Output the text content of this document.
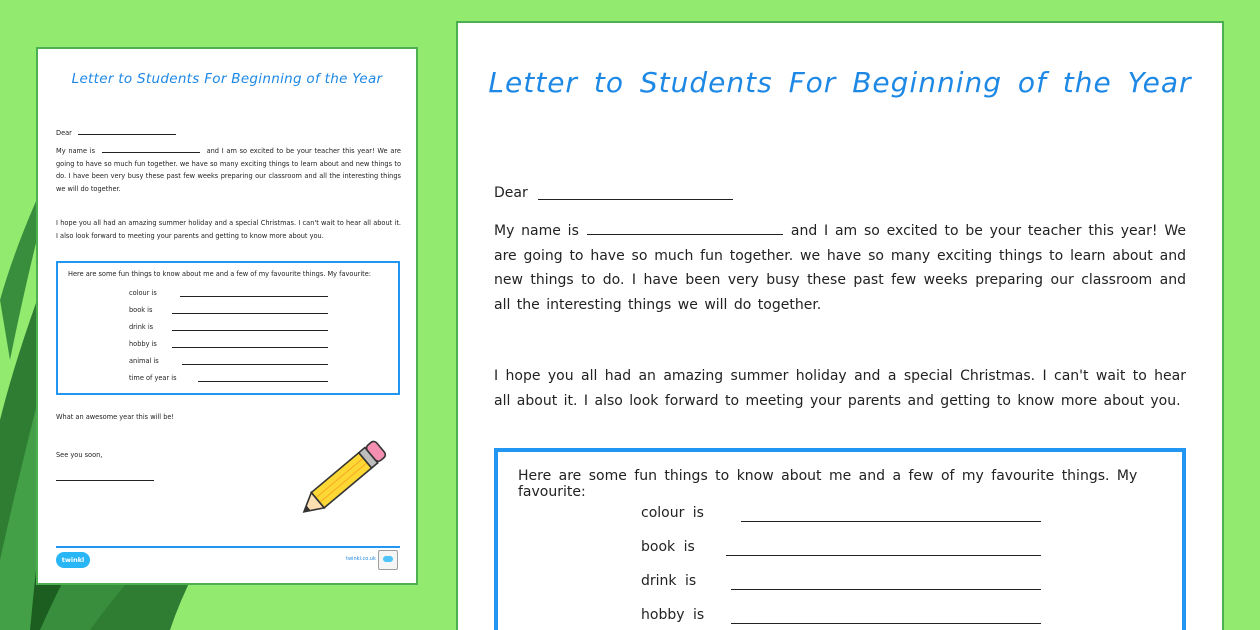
Letter to Students For Beginning of the Year
Dear
My name is	and I am so excited to be your teacher this year! We are going to have so much fun together. we have so many exciting things to learn about and new things to do. I have been very busy these past few weeks preparing our classroom and all the interesting things we will do together.
I hope you all had an amazing summer holiday and a special Christmas. I can't wait to hear all about it. I also look forward to meeting your parents and getting to know more about you.
Here are some fun things to know about me and a few of my favourite things. My favourite:
colour is
book is
drink is
hobby is
animal is
time of year is
What an awesome year this will be!
See you soon,
twinkl	twinkl.co.uk
Letter to Students For Beginning of the Year
Dear
My name is	and I am so excited to be your teacher this year! We are going to have so much fun together. we have so many exciting things to learn about and new things to do. I have been very busy these past few weeks preparing our classroom and all the interesting things we will do together.
I hope you all had an amazing summer holiday and a special Christmas. I can't wait to hear all about it. I also look forward to meeting your parents and getting to know more about you.
Here are some fun things to know about me and a few of my favourite things. My favourite:
colour is
book is
drink is
hobby is
